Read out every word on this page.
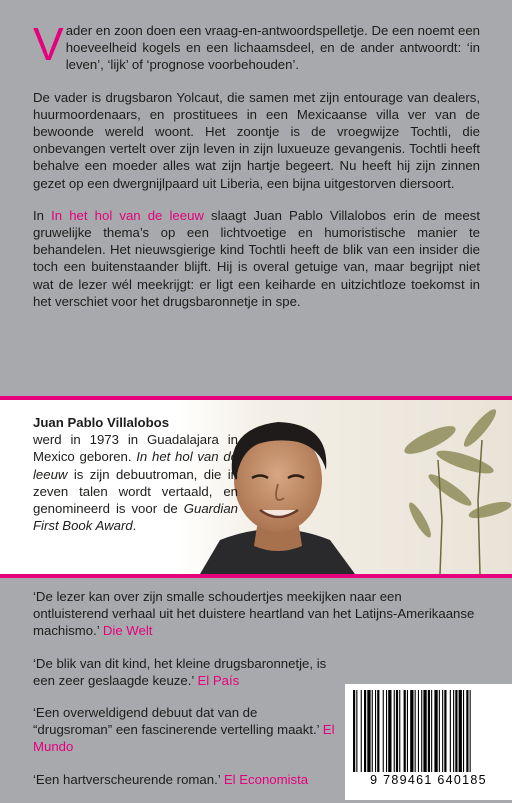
Vader en zoon doen een vraag-en-antwoordspelletje. De een noemt een hoeveelheid kogels en een lichaamsdeel, en de ander antwoordt: ‘in leven’, ‘lijk’ of ‘prognose voorbehouden’.

De vader is drugsbaron Yolcaut, die samen met zijn entourage van dealers, huurmoordenaars, en prostituees in een Mexicaanse villa ver van de bewoonde wereld woont. Het zoontje is de vroegwijze Tochtli, die onbevangen vertelt over zijn leven in zijn luxueuze gevangenis. Tochtli heeft behalve een moeder alles wat zijn hartje begeert. Nu heeft hij zijn zinnen gezet op een dwergnijlpaard uit Liberia, een bijna uitgestorven diersoort.

In In het hol van de leeuw slaagt Juan Pablo Villalobos erin de meest gruwelijke thema’s op een lichtvoetige en humoristische manier te behandelen. Het nieuwsgierige kind Tochtli heeft de blik van een insider die toch een buitenstaander blijft. Hij is overal getuige van, maar begrijpt niet wat de lezer wél meekrijgt: er ligt een keiharde en uitzichtloze toekomst in het verschiet voor het drugsbaronnetje in spe.

Juan Pablo Villalobos
werd in 1973 in Guadalajara in Mexico geboren. In het hol van de leeuw is zijn debuutroman, die in zeven talen wordt vertaald, en genomineerd is voor de Guardian First Book Award.

‘De lezer kan over zijn smalle schoudertjes meekijken naar een ontluisterend verhaal uit het duistere heartland van het Latijns-Amerikaanse machismo.’ Die Welt

‘De blik van dit kind, het kleine drugsbaronnetje, is een zeer geslaagde keuze.’ El País

‘Een overweldigend debuut dat van de “drugsroman” een fascinerende vertelling maakt.’ El Mundo

‘Een hartverscheurende roman.’ El Economista	9 789461 640185
